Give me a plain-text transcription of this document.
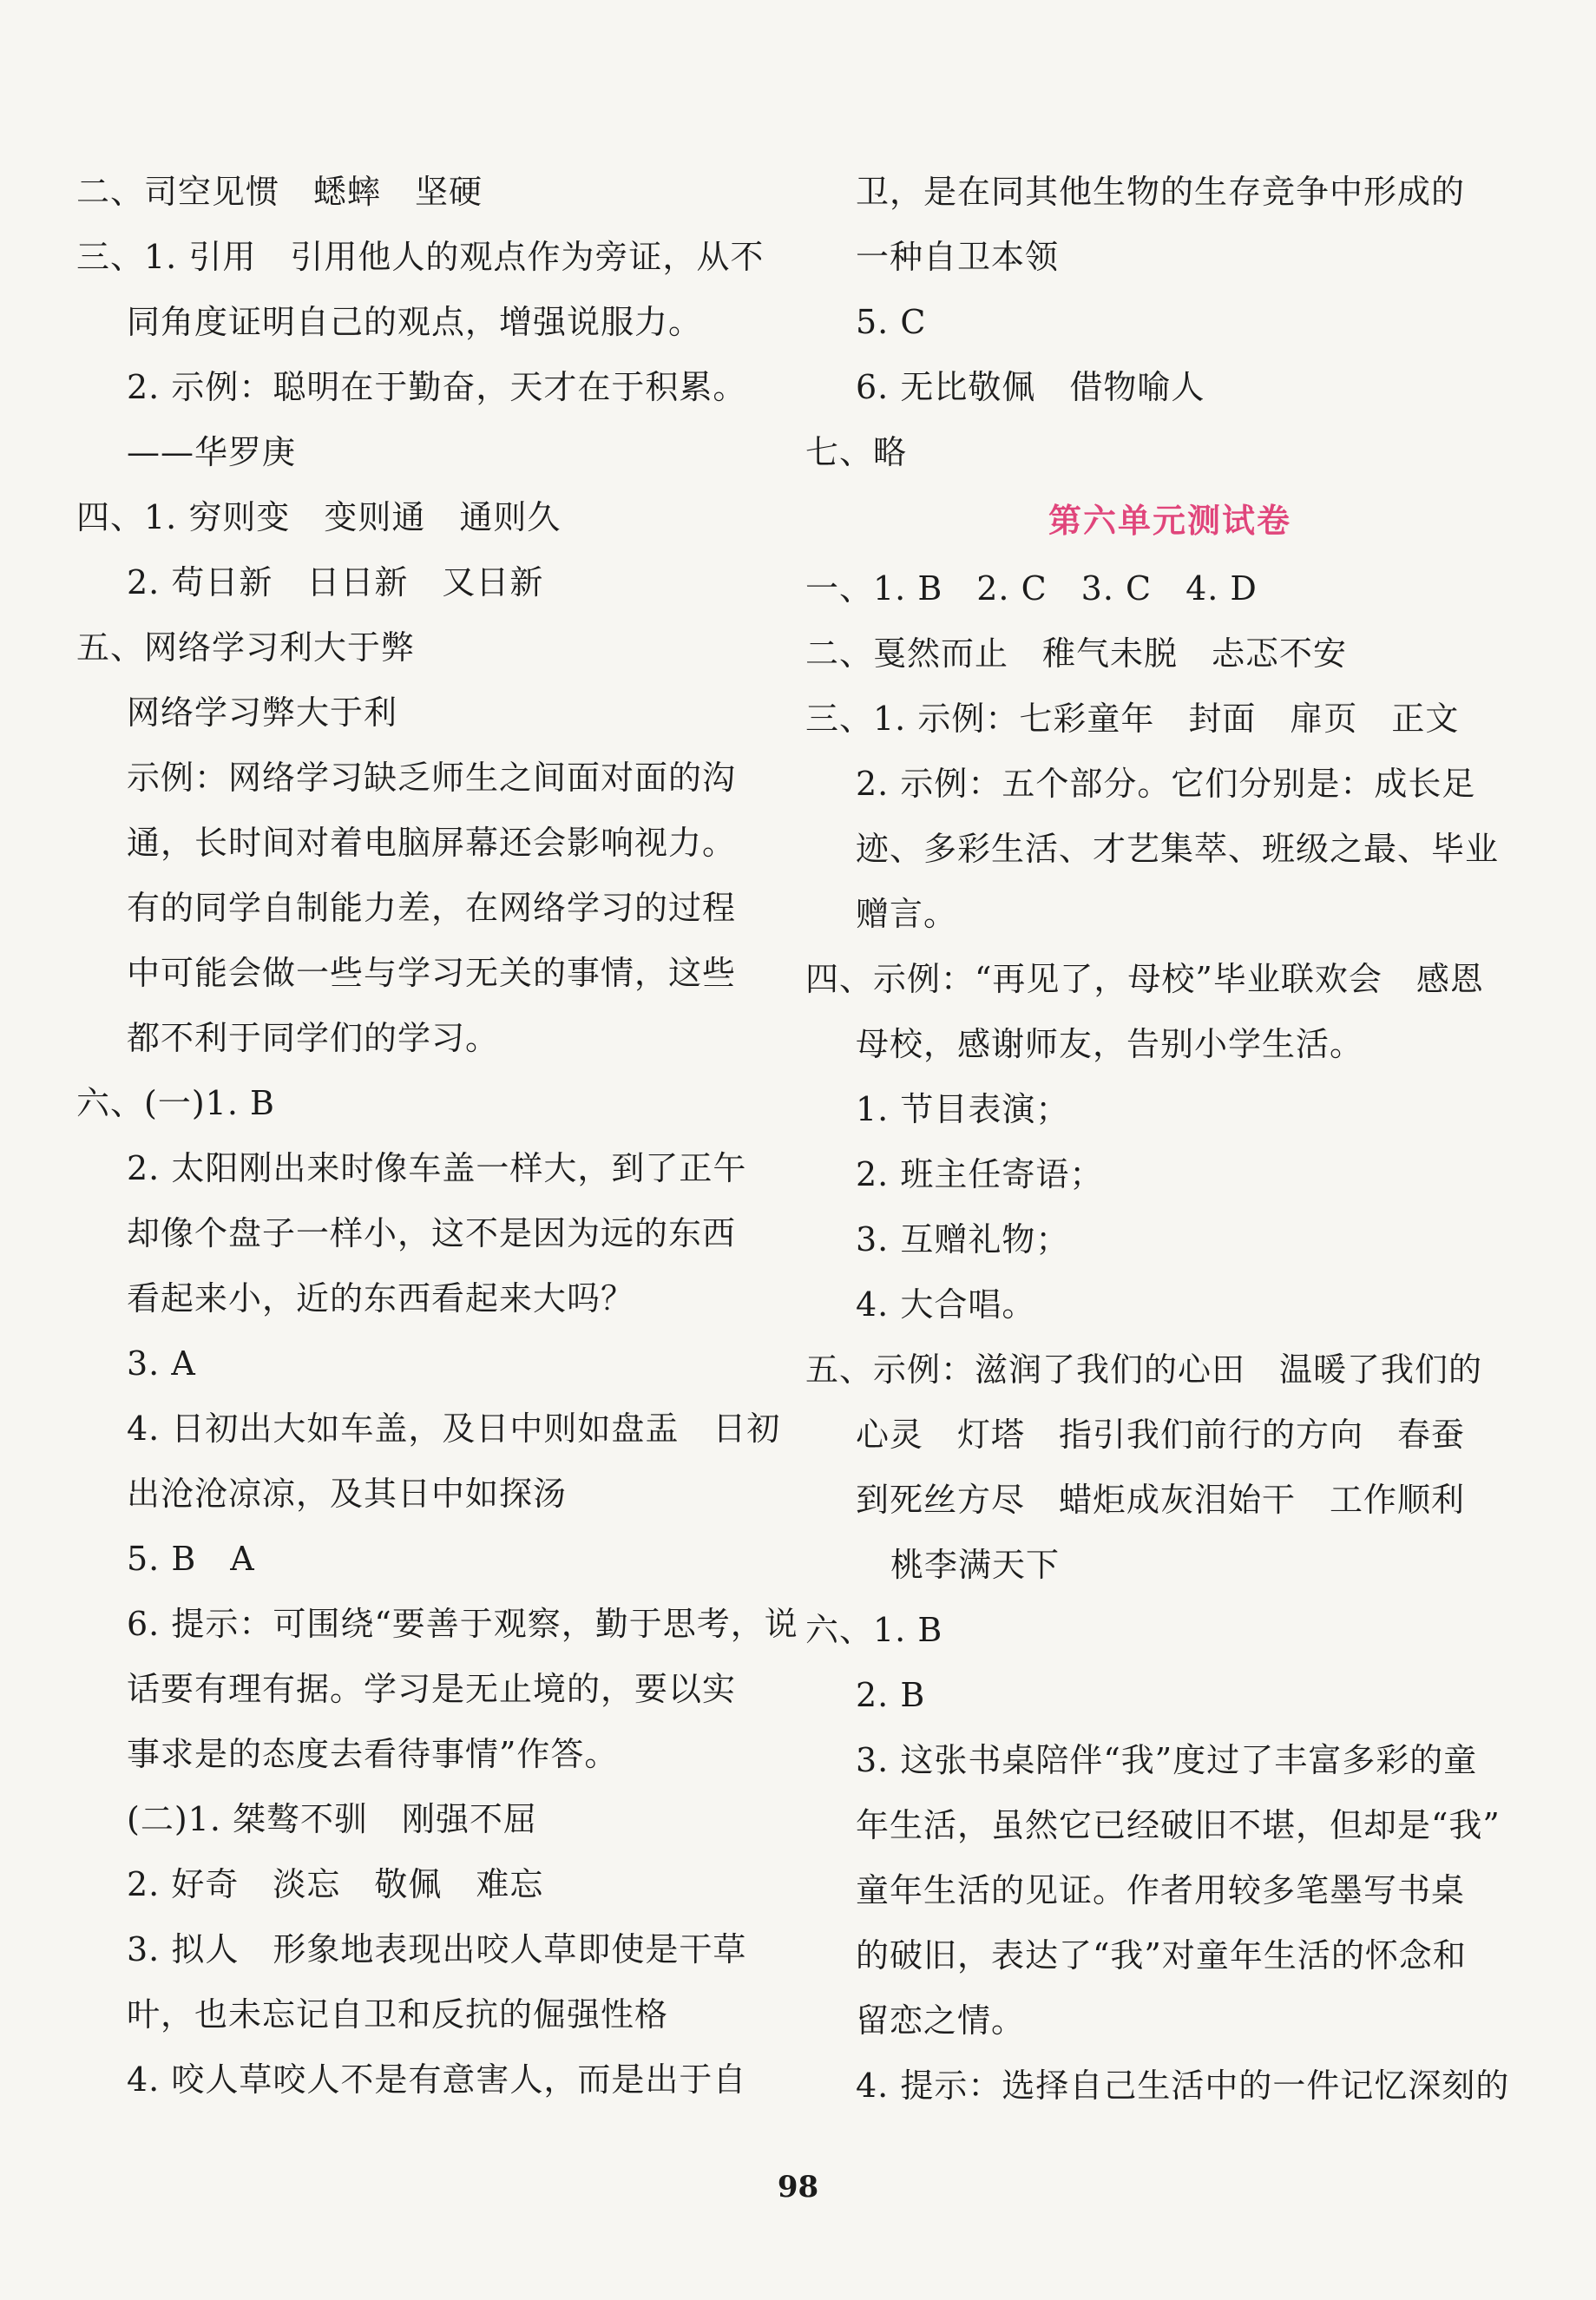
二、司空见惯　蟋蟀　坚硬
三、1. 引用　引用他人的观点作为旁证，从不
同角度证明自己的观点，增强说服力。
2. 示例：聪明在于勤奋，天才在于积累。
——华罗庚
四、1. 穷则变　变则通　通则久
2. 苟日新　日日新　又日新
五、网络学习利大于弊
网络学习弊大于利
示例：网络学习缺乏师生之间面对面的沟
通，长时间对着电脑屏幕还会影响视力。
有的同学自制能力差，在网络学习的过程
中可能会做一些与学习无关的事情，这些
都不利于同学们的学习。
六、(一)1. B
2. 太阳刚出来时像车盖一样大，到了正午
却像个盘子一样小，这不是因为远的东西
看起来小，近的东西看起来大吗？
3. A
4. 日初出大如车盖，及日中则如盘盂　日初
出沧沧凉凉，及其日中如探汤
5. B　A
6. 提示：可围绕“要善于观察，勤于思考，说
话要有理有据。学习是无止境的，要以实
事求是的态度去看待事情”作答。
(二)1. 桀骜不驯　刚强不屈
2. 好奇　淡忘　敬佩　难忘
3. 拟人　形象地表现出咬人草即使是干草
叶，也未忘记自卫和反抗的倔强性格
4. 咬人草咬人不是有意害人，而是出于自
卫，是在同其他生物的生存竞争中形成的
一种自卫本领
5. C
6. 无比敬佩　借物喻人
七、略
第六单元测试卷
一、1. B　2. C　3. C　4. D
二、戛然而止　稚气未脱　忐忑不安
三、1. 示例：七彩童年　封面　扉页　正文
2. 示例：五个部分。它们分别是：成长足
迹、多彩生活、才艺集萃、班级之最、毕业
赠言。
四、示例：“再见了，母校”毕业联欢会　感恩
母校，感谢师友，告别小学生活。
1. 节目表演；
2. 班主任寄语；
3. 互赠礼物；
4. 大合唱。
五、示例：滋润了我们的心田　温暖了我们的
心灵　灯塔　指引我们前行的方向　春蚕
到死丝方尽　蜡炬成灰泪始干　工作顺利
桃李满天下
六、1. B
2. B
3. 这张书桌陪伴“我”度过了丰富多彩的童
年生活，虽然它已经破旧不堪，但却是“我”
童年生活的见证。作者用较多笔墨写书桌
的破旧，表达了“我”对童年生活的怀念和
留恋之情。
4. 提示：选择自己生活中的一件记忆深刻的
98
